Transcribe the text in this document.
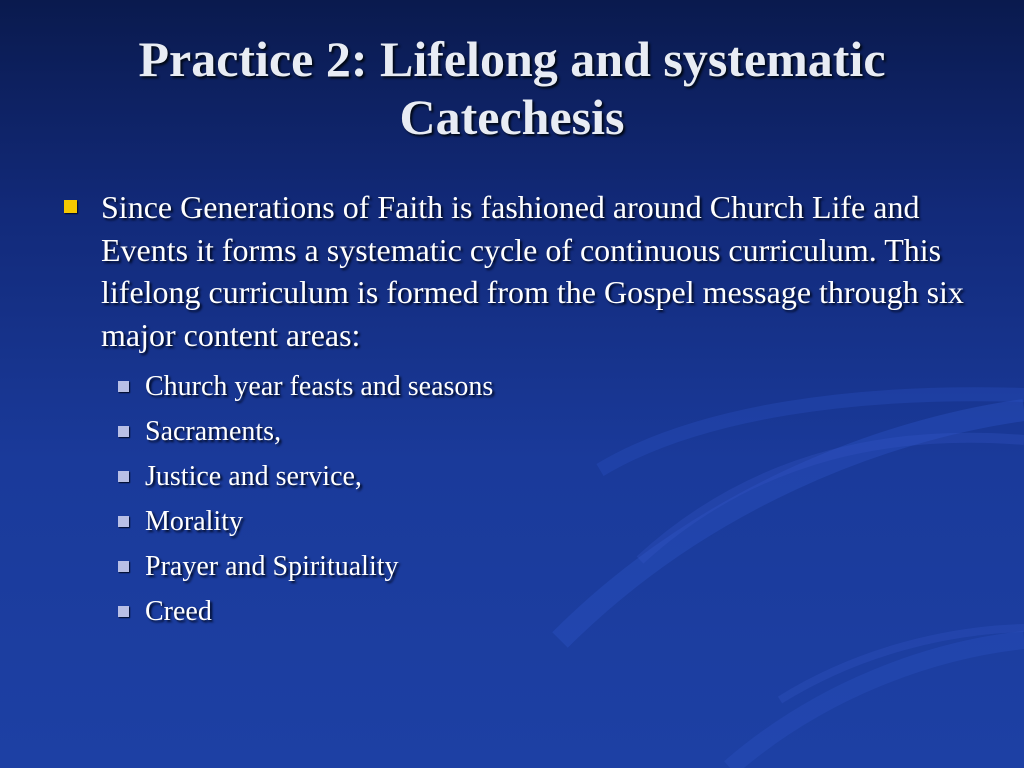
Practice 2: Lifelong and systematic
Catechesis

Since Generations of Faith is fashioned around Church Life and Events it forms a systematic cycle of continuous curriculum. This lifelong curriculum is formed from the Gospel message through six major content areas:

Church year feasts and seasons
Sacraments,
Justice and service,
Morality
Prayer and Spirituality
Creed
